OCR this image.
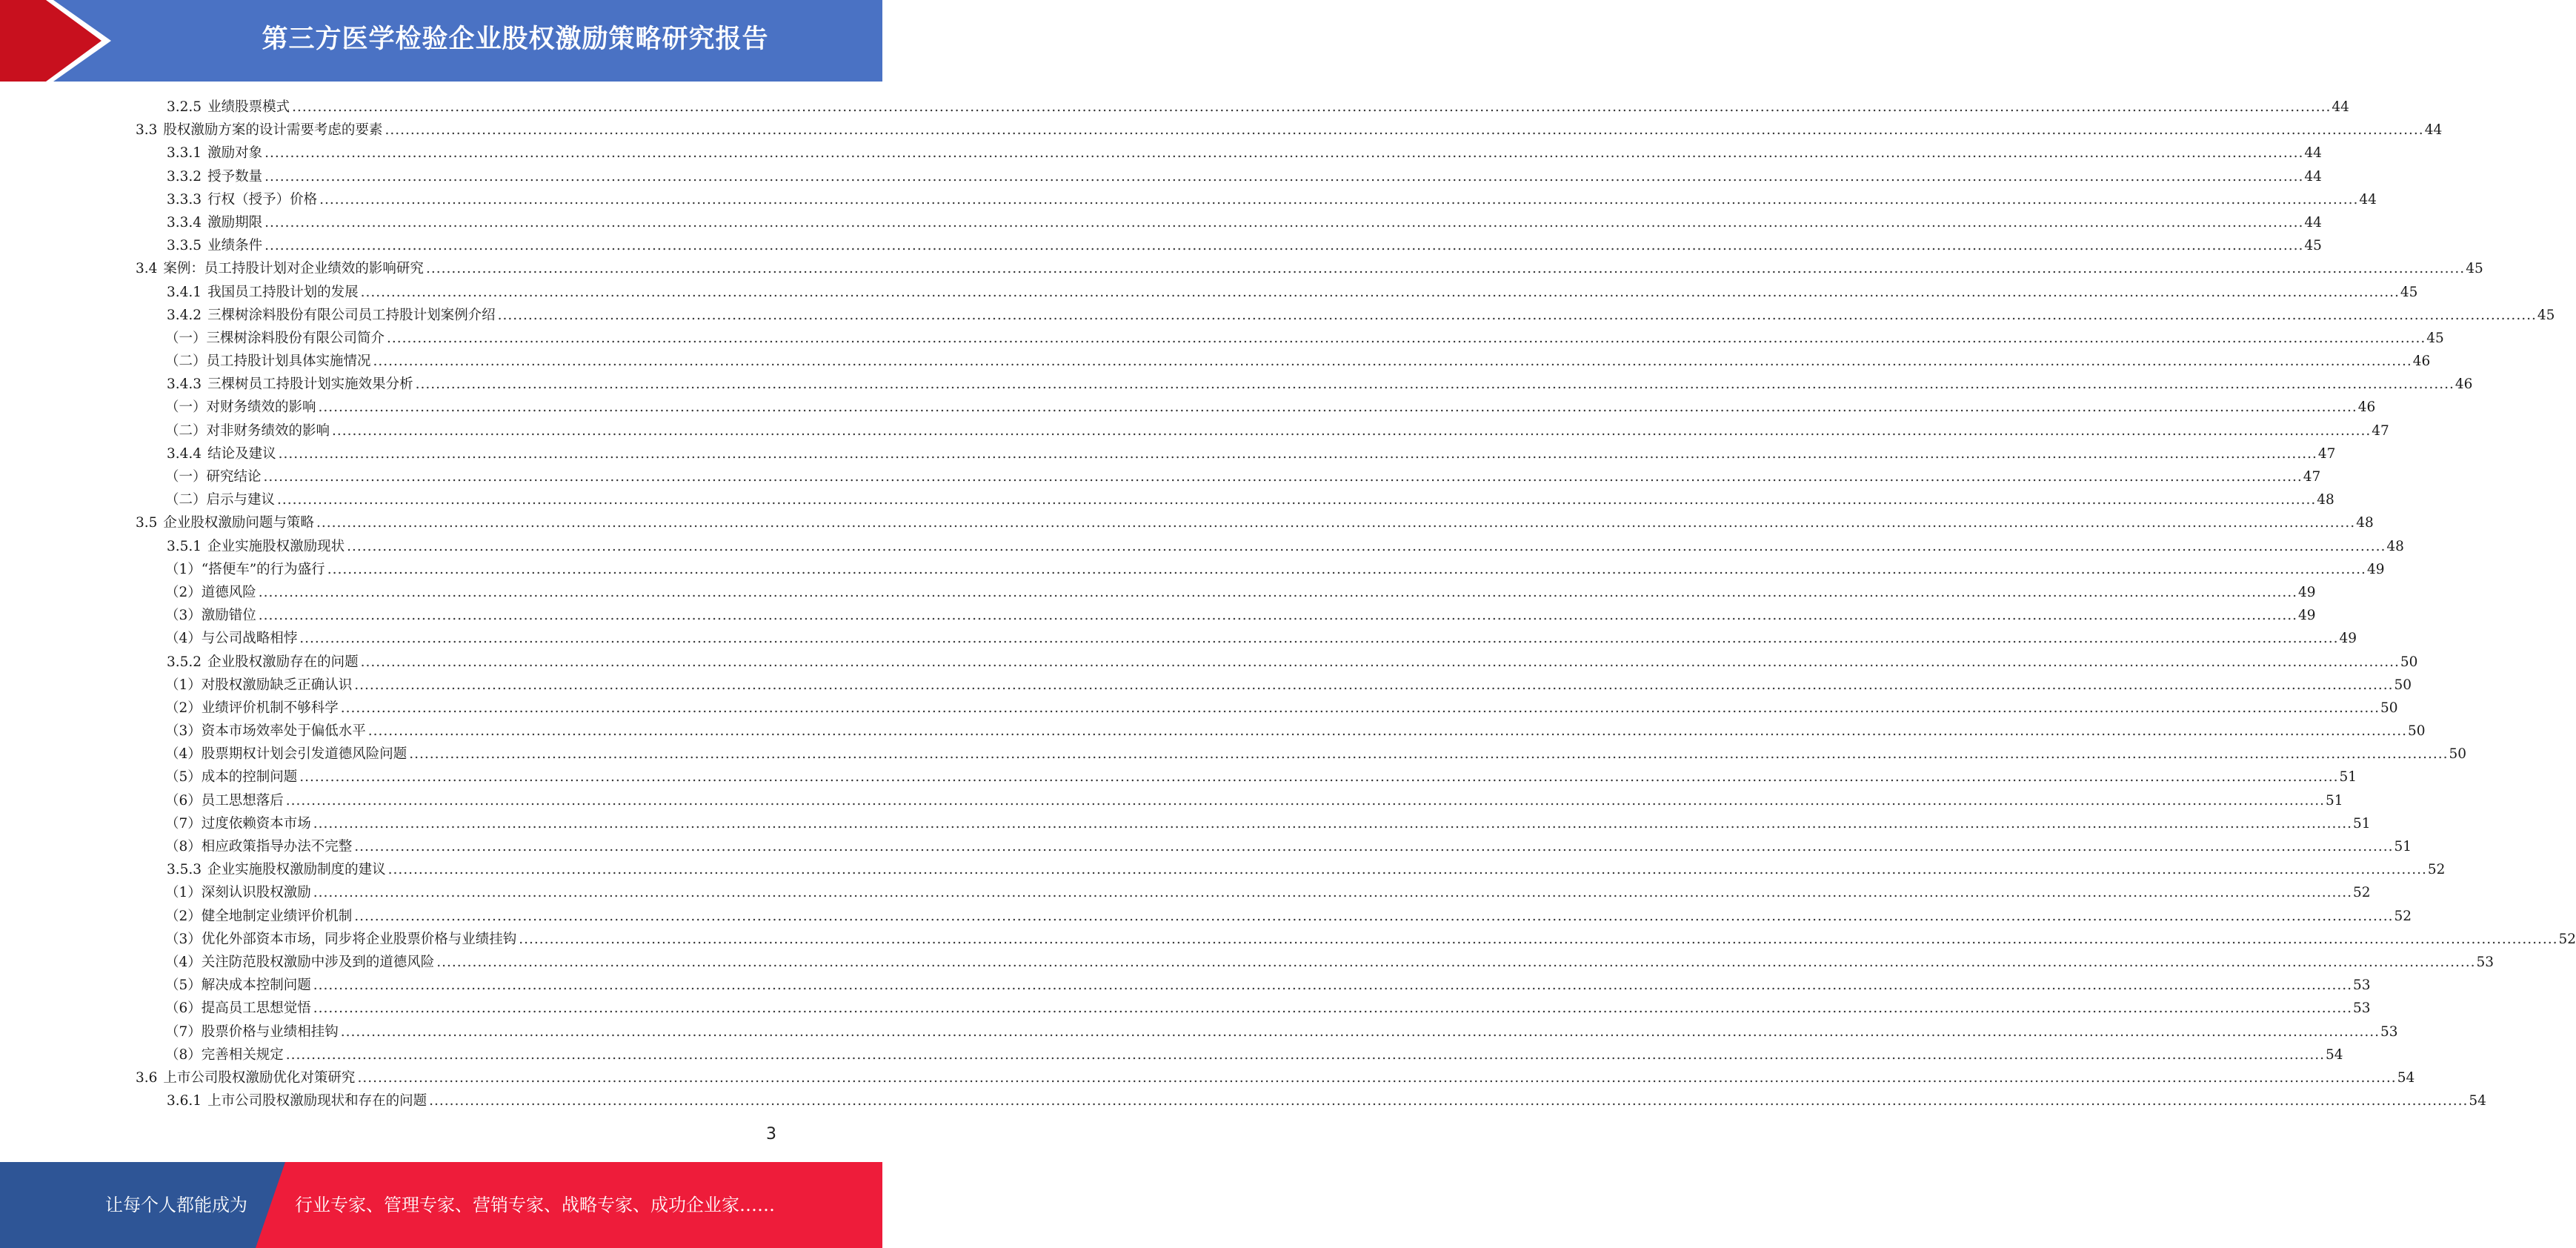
第三方医学检验企业股权激励策略研究报告
3.2.5 业绩股票模式 ................................................................................................................................................................................................................................................................................................................................................................................................................ 44
3.3 股权激励方案的设计需要考虑的要素 ................................................................................................................................................................................................................................................................................................................................................................................................................ 44
3.3.1 激励对象 ................................................................................................................................................................................................................................................................................................................................................................................................................ 44
3.3.2 授予数量 ................................................................................................................................................................................................................................................................................................................................................................................................................ 44
3.3.3 行权（授予）价格 ................................................................................................................................................................................................................................................................................................................................................................................................................ 44
3.3.4 激励期限 ................................................................................................................................................................................................................................................................................................................................................................................................................ 44
3.3.5 业绩条件 ................................................................................................................................................................................................................................................................................................................................................................................................................ 45
3.4 案例：员工持股计划对企业绩效的影响研究 ................................................................................................................................................................................................................................................................................................................................................................................................................ 45
3.4.1 我国员工持股计划的发展 ................................................................................................................................................................................................................................................................................................................................................................................................................ 45
3.4.2 三棵树涂料股份有限公司员工持股计划案例介绍 ................................................................................................................................................................................................................................................................................................................................................................................................................ 45
（一）三棵树涂料股份有限公司简介 ................................................................................................................................................................................................................................................................................................................................................................................................................ 45
（二）员工持股计划具体实施情况 ................................................................................................................................................................................................................................................................................................................................................................................................................ 46
3.4.3 三棵树员工持股计划实施效果分析 ................................................................................................................................................................................................................................................................................................................................................................................................................ 46
（一）对财务绩效的影响 ................................................................................................................................................................................................................................................................................................................................................................................................................ 46
（二）对非财务绩效的影响 ................................................................................................................................................................................................................................................................................................................................................................................................................ 47
3.4.4 结论及建议 ................................................................................................................................................................................................................................................................................................................................................................................................................ 47
（一）研究结论 ................................................................................................................................................................................................................................................................................................................................................................................................................ 47
（二）启示与建议 ................................................................................................................................................................................................................................................................................................................................................................................................................ 48
3.5 企业股权激励问题与策略 ................................................................................................................................................................................................................................................................................................................................................................................................................ 48
3.5.1 企业实施股权激励现状 ................................................................................................................................................................................................................................................................................................................................................................................................................ 48
（1）“搭便车”的行为盛行 ................................................................................................................................................................................................................................................................................................................................................................................................................ 49
（2）道德风险 ................................................................................................................................................................................................................................................................................................................................................................................................................ 49
（3）激励错位 ................................................................................................................................................................................................................................................................................................................................................................................................................ 49
（4）与公司战略相悖 ................................................................................................................................................................................................................................................................................................................................................................................................................ 49
3.5.2 企业股权激励存在的问题 ................................................................................................................................................................................................................................................................................................................................................................................................................ 50
（1）对股权激励缺乏正确认识 ................................................................................................................................................................................................................................................................................................................................................................................................................ 50
（2）业绩评价机制不够科学 ................................................................................................................................................................................................................................................................................................................................................................................................................ 50
（3）资本市场效率处于偏低水平 ................................................................................................................................................................................................................................................................................................................................................................................................................ 50
（4）股票期权计划会引发道德风险问题 ................................................................................................................................................................................................................................................................................................................................................................................................................ 50
（5）成本的控制问题 ................................................................................................................................................................................................................................................................................................................................................................................................................ 51
（6）员工思想落后 ................................................................................................................................................................................................................................................................................................................................................................................................................ 51
（7）过度依赖资本市场 ................................................................................................................................................................................................................................................................................................................................................................................................................ 51
（8）相应政策指导办法不完整 ................................................................................................................................................................................................................................................................................................................................................................................................................ 51
3.5.3 企业实施股权激励制度的建议 ................................................................................................................................................................................................................................................................................................................................................................................................................ 52
（1）深刻认识股权激励 ................................................................................................................................................................................................................................................................................................................................................................................................................ 52
（2）健全地制定业绩评价机制 ................................................................................................................................................................................................................................................................................................................................................................................................................ 52
（3）优化外部资本市场，同步将企业股票价格与业绩挂钩 ................................................................................................................................................................................................................................................................................................................................................................................................................ 52
（4）关注防范股权激励中涉及到的道德风险 ................................................................................................................................................................................................................................................................................................................................................................................................................ 53
（5）解决成本控制问题 ................................................................................................................................................................................................................................................................................................................................................................................................................ 53
（6）提高员工思想觉悟 ................................................................................................................................................................................................................................................................................................................................................................................................................ 53
（7）股票价格与业绩相挂钩 ................................................................................................................................................................................................................................................................................................................................................................................................................ 53
（8）完善相关规定 ................................................................................................................................................................................................................................................................................................................................................................................................................ 54
3.6 上市公司股权激励优化对策研究 ................................................................................................................................................................................................................................................................................................................................................................................................................ 54
3.6.1 上市公司股权激励现状和存在的问题 ................................................................................................................................................................................................................................................................................................................................................................................................................ 54
3
让每个人都能成为	行业专家、管理专家、营销专家、战略专家、成功企业家……
